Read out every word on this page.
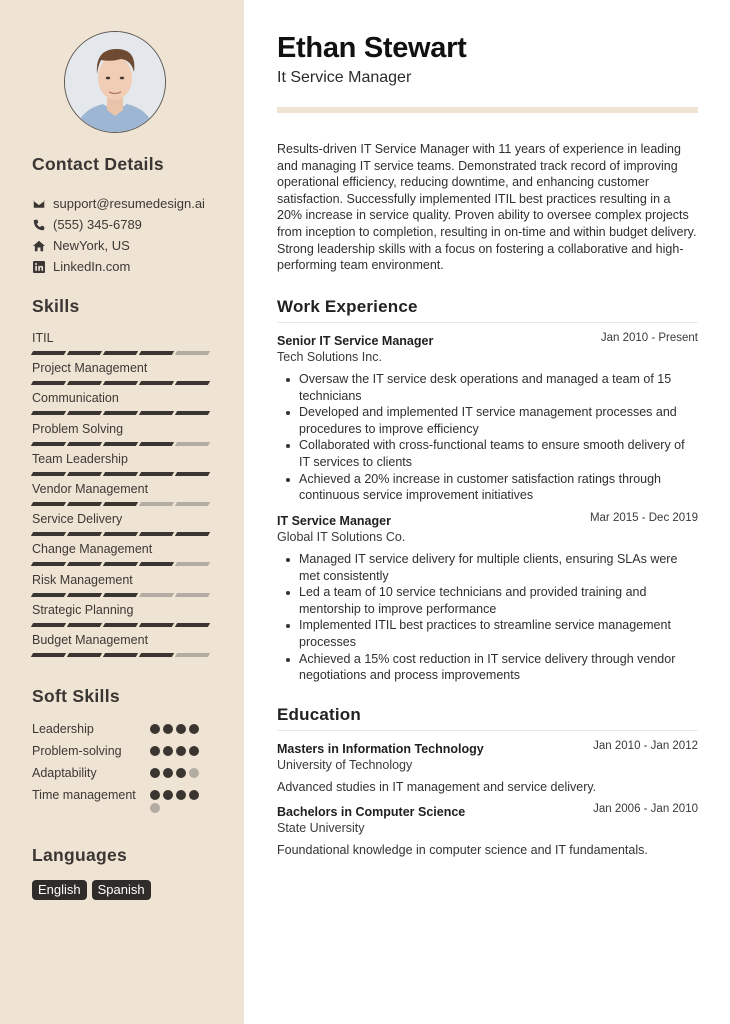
Contact Details
support@resumedesign.ai
(555) 345-6789
NewYork, US
LinkedIn.com
Skills
ITIL
Project Management
Communication
Problem Solving
Team Leadership
Vendor Management
Service Delivery
Change Management
Risk Management
Strategic Planning
Budget Management
Soft Skills
Leadership
Problem-solving
Adaptability
Time management
Languages
English	Spanish
Ethan Stewart
It Service Manager

Results-driven IT Service Manager with 11 years of experience in leading and managing IT service teams. Demonstrated track record of improving operational efficiency, reducing downtime, and enhancing customer satisfaction. Successfully implemented ITIL best practices resulting in a 20% increase in service quality. Proven ability to oversee complex projects from inception to completion, resulting in on-time and within budget delivery. Strong leadership skills with a focus on fostering a collaborative and high-performing team environment.

Work Experience
Senior IT Service Manager	Jan 2010 - Present
Tech Solutions Inc.
Oversaw the IT service desk operations and managed a team of 15 technicians
Developed and implemented IT service management processes and procedures to improve efficiency
Collaborated with cross-functional teams to ensure smooth delivery of IT services to clients
Achieved a 20% increase in customer satisfaction ratings through continuous service improvement initiatives
IT Service Manager	Mar 2015 - Dec 2019
Global IT Solutions Co.
Managed IT service delivery for multiple clients, ensuring SLAs were met consistently
Led a team of 10 service technicians and provided training and mentorship to improve performance
Implemented ITIL best practices to streamline service management processes
Achieved a 15% cost reduction in IT service delivery through vendor negotiations and process improvements
Education
Masters in Information Technology	Jan 2010 - Jan 2012
University of Technology
Advanced studies in IT management and service delivery.
Bachelors in Computer Science	Jan 2006 - Jan 2010
State University
Foundational knowledge in computer science and IT fundamentals.
